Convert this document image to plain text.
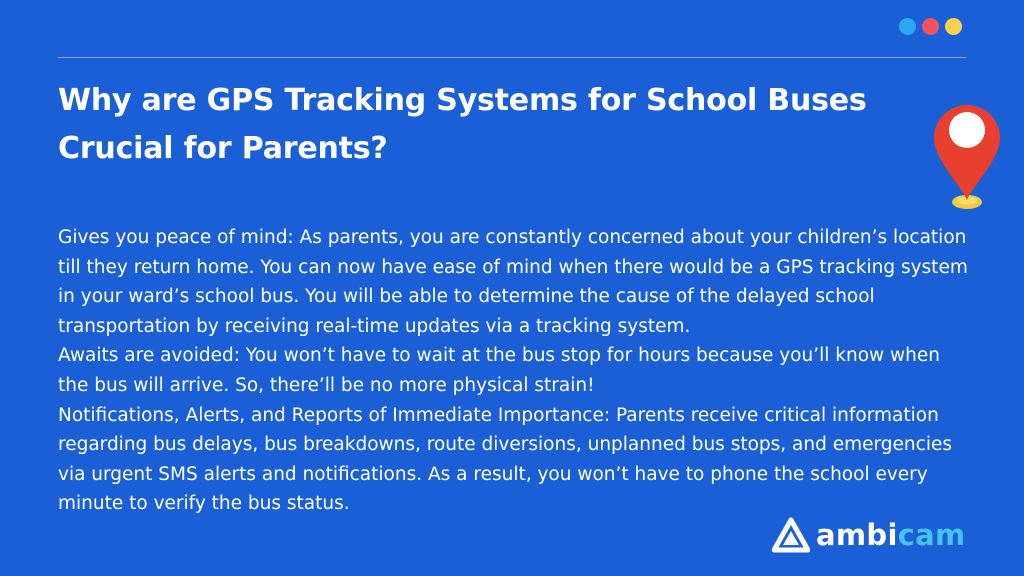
Why are GPS Tracking Systems for School Buses Crucial for Parents?

Gives you peace of mind: As parents, you are constantly concerned about your children’s location till they return home. You can now have ease of mind when there would be a GPS tracking system in your ward’s school bus. You will be able to determine the cause of the delayed school transportation by receiving real-time updates via a tracking system.

Awaits are avoided: You won’t have to wait at the bus stop for hours because you’ll know when the bus will arrive. So, there’ll be no more physical strain!

Notifications, Alerts, and Reports of Immediate Importance: Parents receive critical information regarding bus delays, bus breakdowns, route diversions, unplanned bus stops, and emergencies via urgent SMS alerts and notifications. As a result, you won’t have to phone the school every minute to verify the bus status.

ambicam
